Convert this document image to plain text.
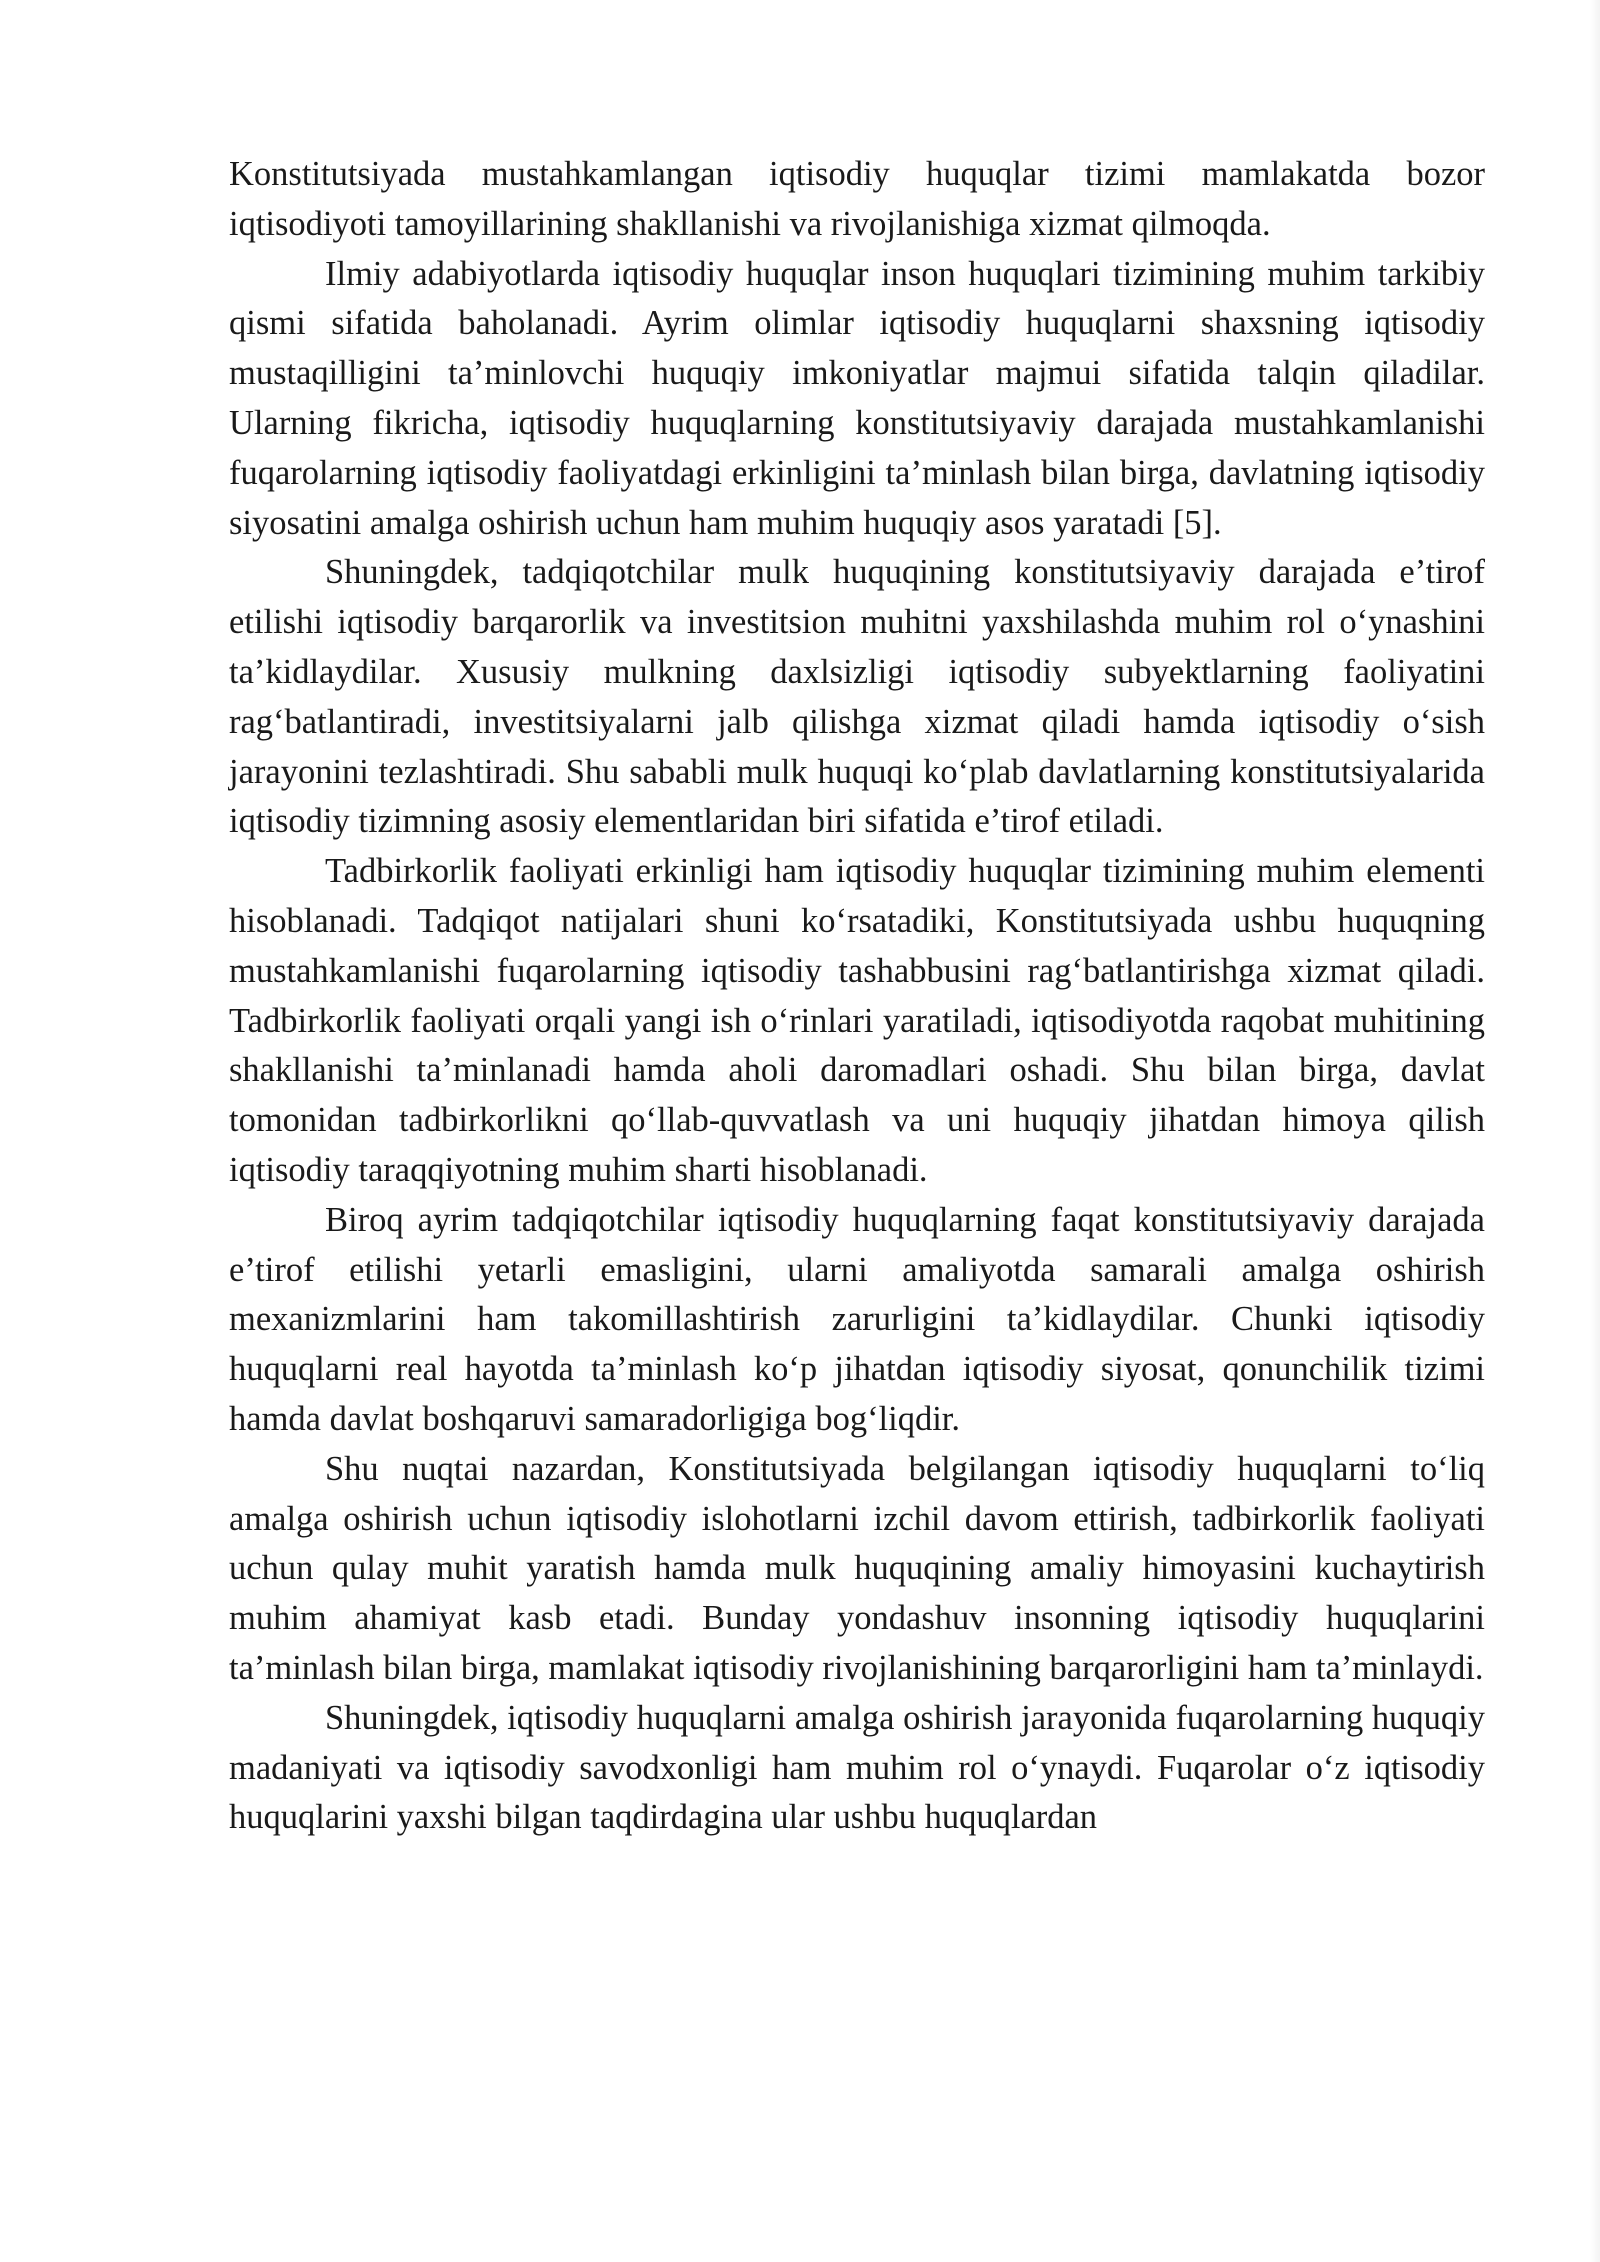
Konstitutsiyada mustahkamlangan iqtisodiy huquqlar tizimi mamlakatda bozor iqtisodiyoti tamoyillarining shakllanishi va rivojlanishiga xizmat qilmoqda.

Ilmiy adabiyotlarda iqtisodiy huquqlar inson huquqlari tizimining muhim tarkibiy qismi sifatida baholanadi. Ayrim olimlar iqtisodiy huquqlarni shaxsning iqtisodiy mustaqilligini ta’minlovchi huquqiy imkoniyatlar majmui sifatida talqin qiladilar. Ularning fikricha, iqtisodiy huquqlarning konstitutsiyaviy darajada mustahkamlanishi fuqarolarning iqtisodiy faoliyatdagi erkinligini ta’minlash bilan birga, davlatning iqtisodiy siyosatini amalga oshirish uchun ham muhim huquqiy asos yaratadi [5].

Shuningdek, tadqiqotchilar mulk huquqining konstitutsiyaviy darajada e’tirof etilishi iqtisodiy barqarorlik va investitsion muhitni yaxshilashda muhim rol o‘ynashini ta’kidlaydilar. Xususiy mulkning daxlsizligi iqtisodiy subyektlarning faoliyatini rag‘batlantiradi, investitsiyalarni jalb qilishga xizmat qiladi hamda iqtisodiy o‘sish jarayonini tezlashtiradi. Shu sababli mulk huquqi ko‘plab davlatlarning konstitutsiyalarida iqtisodiy tizimning asosiy elementlaridan biri sifatida e’tirof etiladi.

Tadbirkorlik faoliyati erkinligi ham iqtisodiy huquqlar tizimining muhim elementi hisoblanadi. Tadqiqot natijalari shuni ko‘rsatadiki, Konstitutsiyada ushbu huquqning mustahkamlanishi fuqarolarning iqtisodiy tashabbusini rag‘batlantirishga xizmat qiladi. Tadbirkorlik faoliyati orqali yangi ish o‘rinlari yaratiladi, iqtisodiyotda raqobat muhitining shakllanishi ta’minlanadi hamda aholi daromadlari oshadi. Shu bilan birga, davlat tomonidan tadbirkorlikni qo‘llab-quvvatlash va uni huquqiy jihatdan himoya qilish iqtisodiy taraqqiyotning muhim sharti hisoblanadi.

Biroq ayrim tadqiqotchilar iqtisodiy huquqlarning faqat konstitutsiyaviy darajada e’tirof etilishi yetarli emasligini, ularni amaliyotda samarali amalga oshirish mexanizmlarini ham takomillashtirish zarurligini ta’kidlaydilar. Chunki iqtisodiy huquqlarni real hayotda ta’minlash ko‘p jihatdan iqtisodiy siyosat, qonunchilik tizimi hamda davlat boshqaruvi samaradorligiga bog‘liqdir.

Shu nuqtai nazardan, Konstitutsiyada belgilangan iqtisodiy huquqlarni to‘liq amalga oshirish uchun iqtisodiy islohotlarni izchil davom ettirish, tadbirkorlik faoliyati uchun qulay muhit yaratish hamda mulk huquqining amaliy himoyasini kuchaytirish muhim ahamiyat kasb etadi. Bunday yondashuv insonning iqtisodiy huquqlarini ta’minlash bilan birga, mamlakat iqtisodiy rivojlanishining barqarorligini ham ta’minlaydi.

Shuningdek, iqtisodiy huquqlarni amalga oshirish jarayonida fuqarolarning huquqiy madaniyati va iqtisodiy savodxonligi ham muhim rol o‘ynaydi. Fuqarolar o‘z iqtisodiy huquqlarini yaxshi bilgan taqdirdagina ular ushbu huquqlardan
